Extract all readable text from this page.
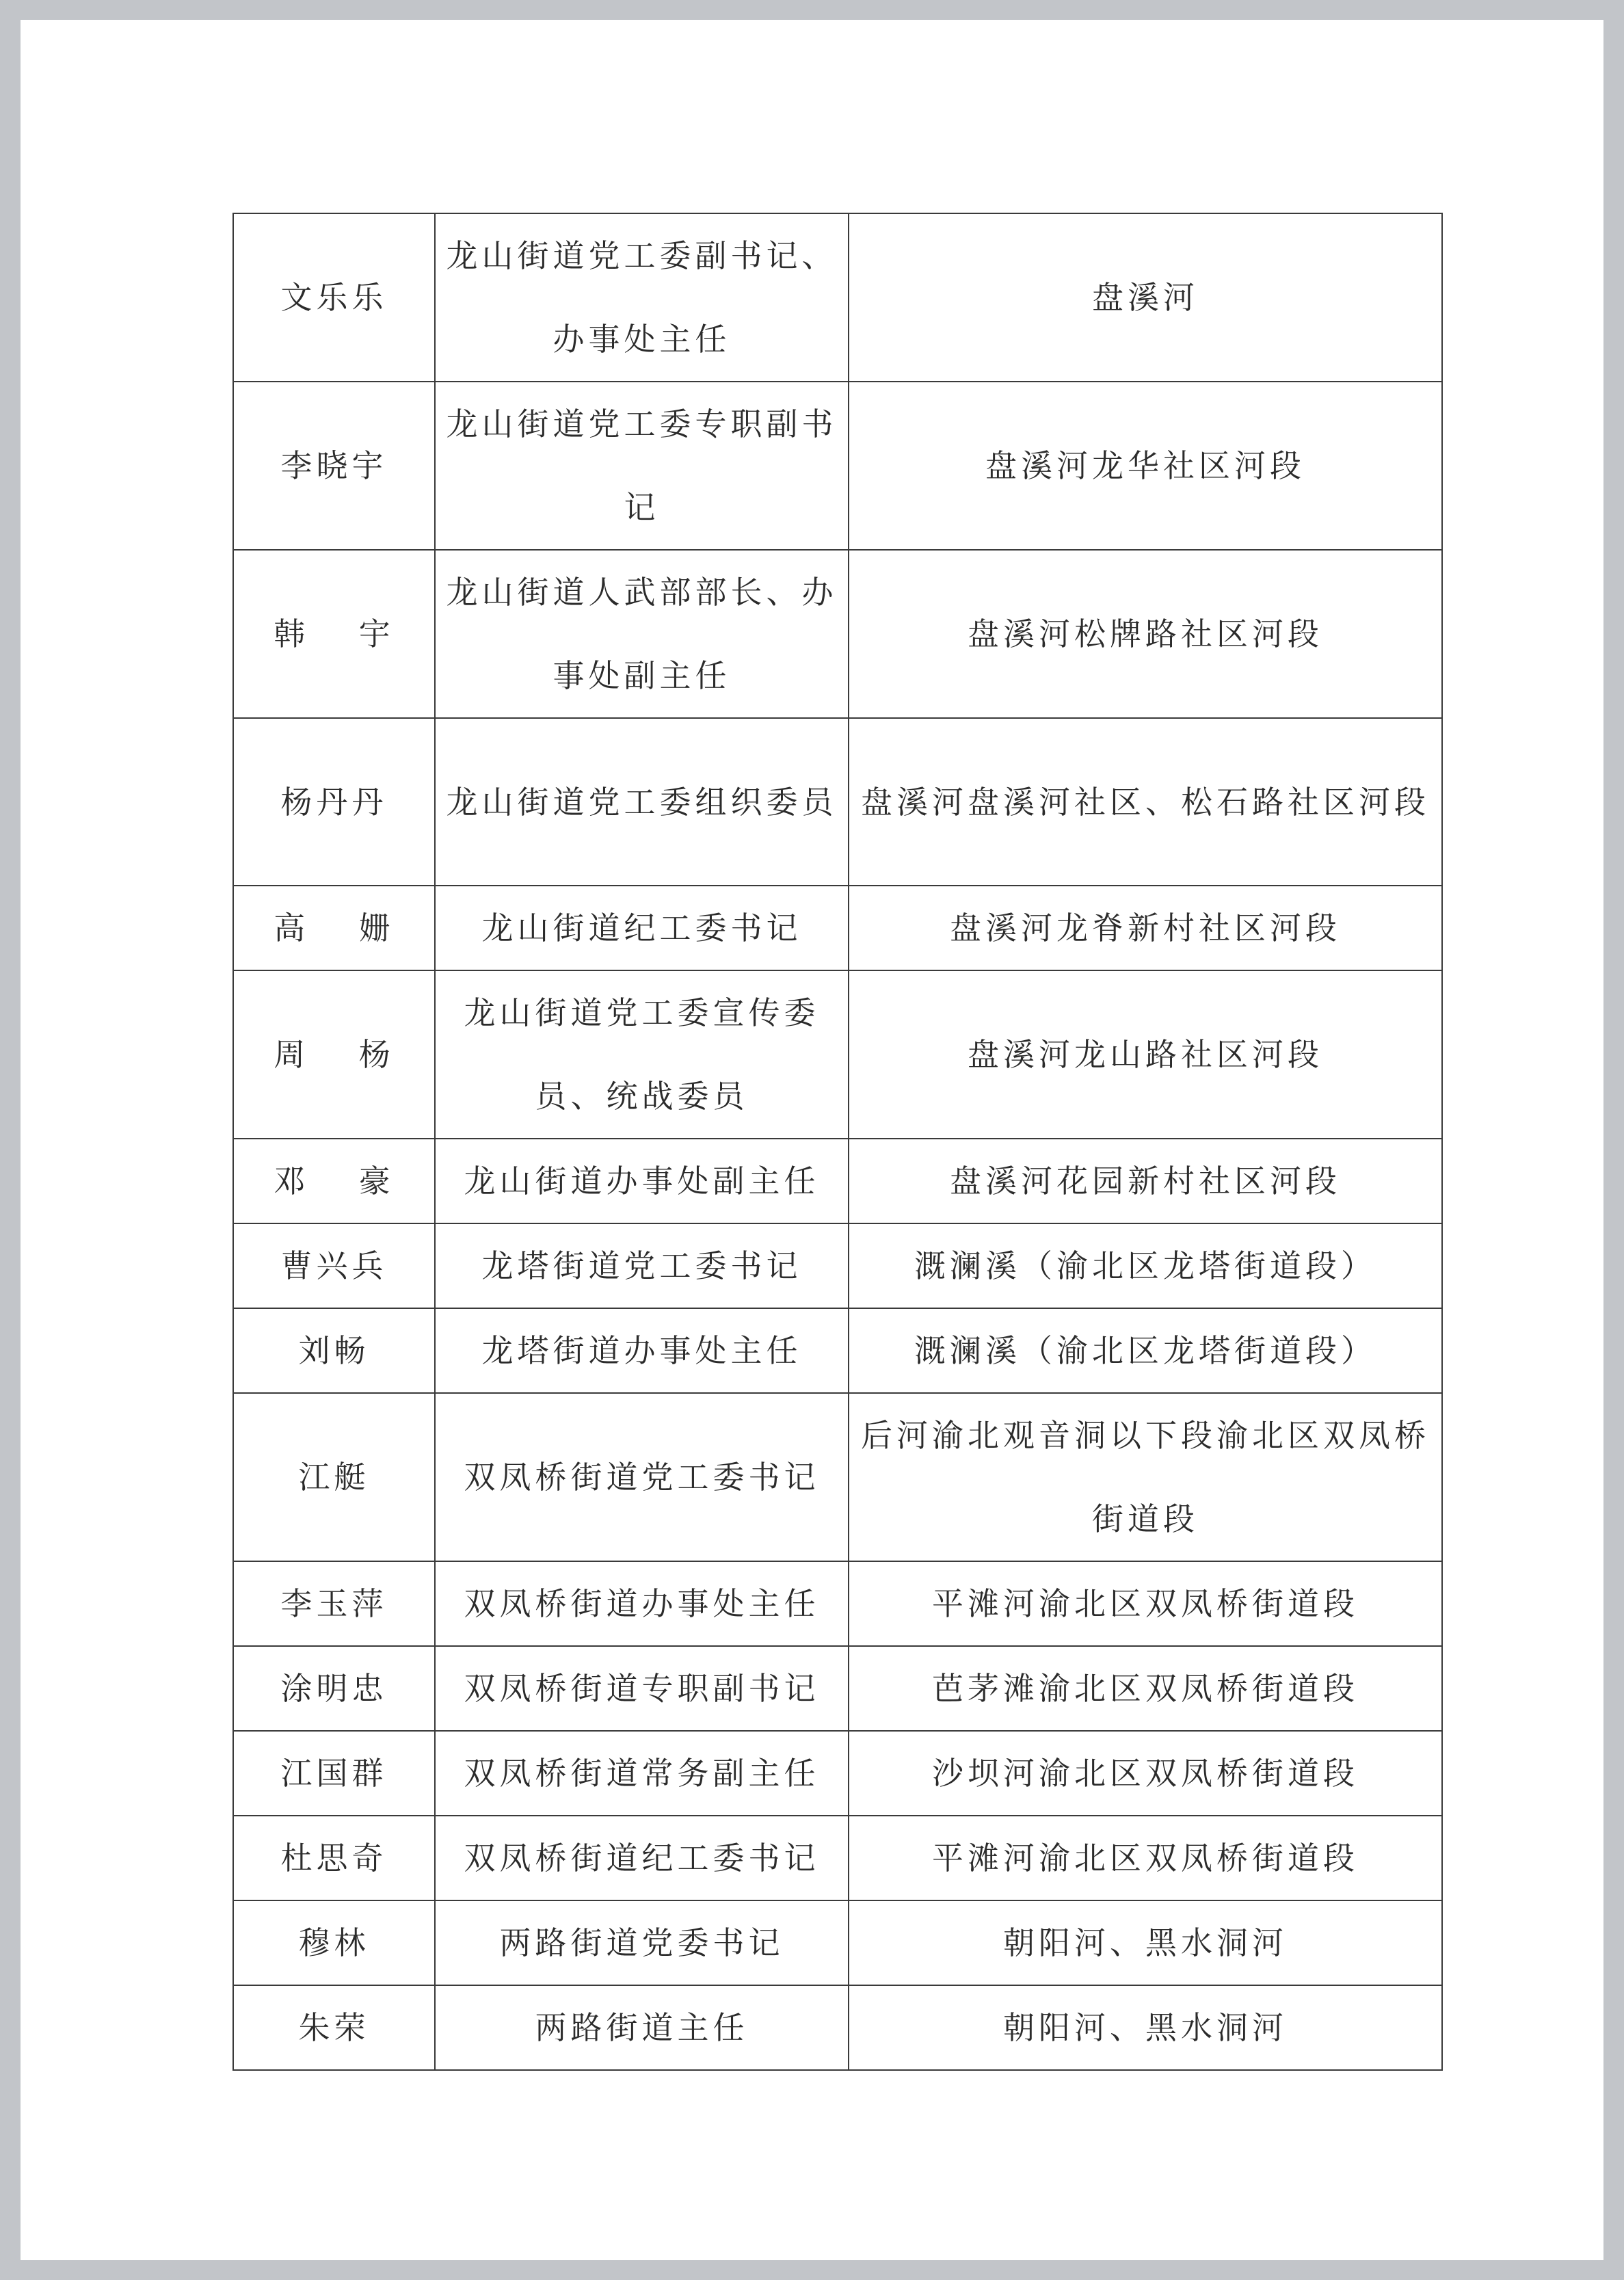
文乐乐	龙山街道党工委副书记、办事处主任	盘溪河
李晓宇	龙山街道党工委专职副书记	盘溪河龙华社区河段
韩　 宇	龙山街道人武部部长、办事处副主任	盘溪河松牌路社区河段
杨丹丹	龙山街道党工委组织委员	盘溪河盘溪河社区、松石路社区河段
高　 姗	龙山街道纪工委书记	盘溪河龙脊新村社区河段
周　 杨	龙山街道党工委宣传委员、统战委员	盘溪河龙山路社区河段
邓　 豪	龙山街道办事处副主任	盘溪河花园新村社区河段
曹兴兵	龙塔街道党工委书记	溉澜溪（渝北区龙塔街道段）
刘畅	龙塔街道办事处主任	溉澜溪（渝北区龙塔街道段）
江艇	双凤桥街道党工委书记	后河渝北观音洞以下段渝北区双凤桥街道段
李玉萍	双凤桥街道办事处主任	平滩河渝北区双凤桥街道段
涂明忠	双凤桥街道专职副书记	芭茅滩渝北区双凤桥街道段
江国群	双凤桥街道常务副主任	沙坝河渝北区双凤桥街道段
杜思奇	双凤桥街道纪工委书记	平滩河渝北区双凤桥街道段
穆林	两路街道党委书记	朝阳河、黑水洞河
朱荣	两路街道主任	朝阳河、黑水洞河
